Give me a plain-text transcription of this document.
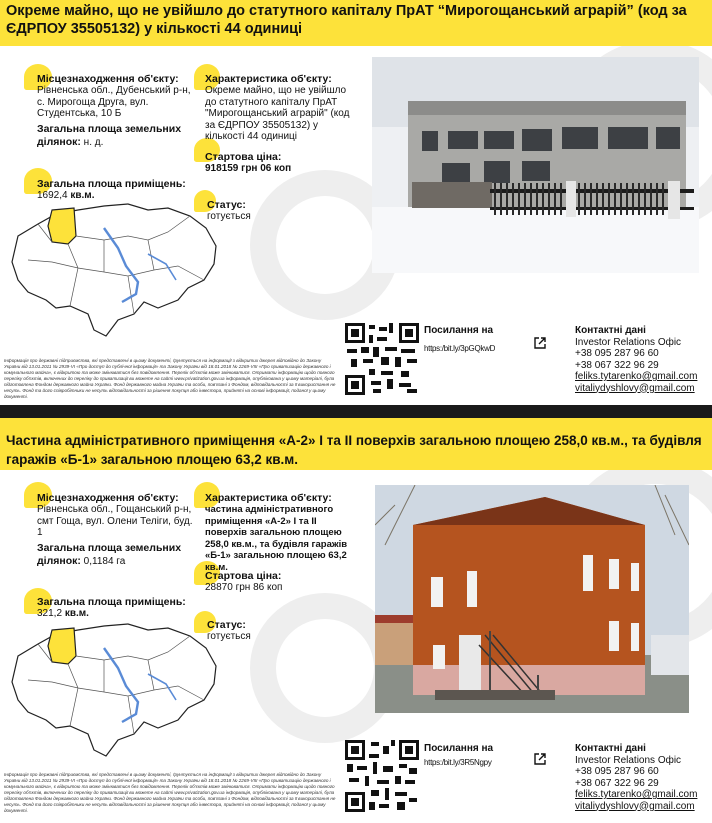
Окреме майно, що не увійшло до статутного капіталу ПрАТ “Мирогощанський аграрій” (код за ЄДРПОУ 35505132) у кількості 44 одиниці
Місцезнаходження об'єкту:
Рівненська обл., Дубенський р-н, с. Мирогоща Друга, вул. Студентська, 10 Б
Загальна площа земельних ділянок: н. д.
Загальна площа приміщень:
1692,4 кв.м.
Характеристика об'єкту:
Окреме майно, що не увійшло до статутного капіталу ПрАТ "Мирогощанський аграрій" (код за ЄДРПОУ 35505132) у кількості 44 одиниці
Стартова ціна:
918159 грн 06 коп
Статус:
готується
Посилання на
https:/bit.ly/3pGQkwD
Контактні дані
Investor Relations Офіс
+38 095 287 96 60
+38 067 322 96 29
feliks.tytarenko@gmail.com
vitaliydyshlovy@gmail.com
Інформація про державні підприємства, які представлені в цьому документі, ґрунтується на інформації з відкритих джерел відповідно до Закону України від 13.01.2011 № 2939-VI «Про доступ до публічної інформації» та Закону України від 18.01.2018 № 2269-VIII «Про приватизацію державного і комунального майна», є відкритою та може змінюватися без повідомлення. Перелік об'єктів може змінюватися. Отримати інформацію щодо повного переліку об'єктів, включених до переліку до приватизації ви можете на сайті www.privatization.gov.ua інформація, опублікована у цьому матеріалі, була підготовлена Фондом державного майна України. Фонд державного майна України та особи, пов'язані з Фондом, відповідальності за її використання не несуть. Фонд та його співробітники не несуть відповідальності за рішення покупця або інвестора, прийняті на основі інформації, поданої у цьому документі.
Частина адміністративного приміщення «А-2» І та ІІ поверхів загальною площею 258,0 кв.м., та будівля гаражів «Б-1» загальною площею 63,2 кв.м.
Місцезнаходження об'єкту:
Рівненська обл., Гощанський р-н, смт Гоща, вул. Олени Теліги, буд. 1
Загальна площа земельних ділянок: 0,1184 га
Загальна площа приміщень:
321,2 кв.м.
Характеристика об'єкту:
частина адміністративного приміщення «А-2» І та ІІ поверхів загальною площею 258,0 кв.м., та будівля гаражів «Б-1» загальною площею 63,2 кв.м.
Стартова ціна:
28870 грн 86 коп
Статус:
готується
Посилання на
https:/bit.ly/3R5Ngpy
Контактні дані
Investor Relations Офіс
+38 095 287 96 60
+38 067 322 96 29
feliks.tytarenko@gmail.com
vitaliydyshlovy@gmail.com
Інформація про державні підприємства, які представлені в цьому документі, ґрунтується на інформації з відкритих джерел відповідно до Закону України від 13.01.2011 № 2939-VI «Про доступ до публічної інформації» та Закону України від 18.01.2018 № 2269-VIII «Про приватизацію державного і комунального майна», є відкритою та може змінюватися без повідомлення. Перелік об'єктів може змінюватися. Отримати інформацію щодо повного переліку об'єктів, включених до переліку до приватизації ви можете на сайті www.privatization.gov.ua інформація, опублікована у цьому матеріалі, була підготовлена Фондом державного майна України. Фонд державного майна України та особи, пов'язані з Фондом, відповідальності за її використання не несуть. Фонд та його співробітники не несуть відповідальності за рішення покупця або інвестора, прийняті на основі інформації, поданої у цьому документі.
